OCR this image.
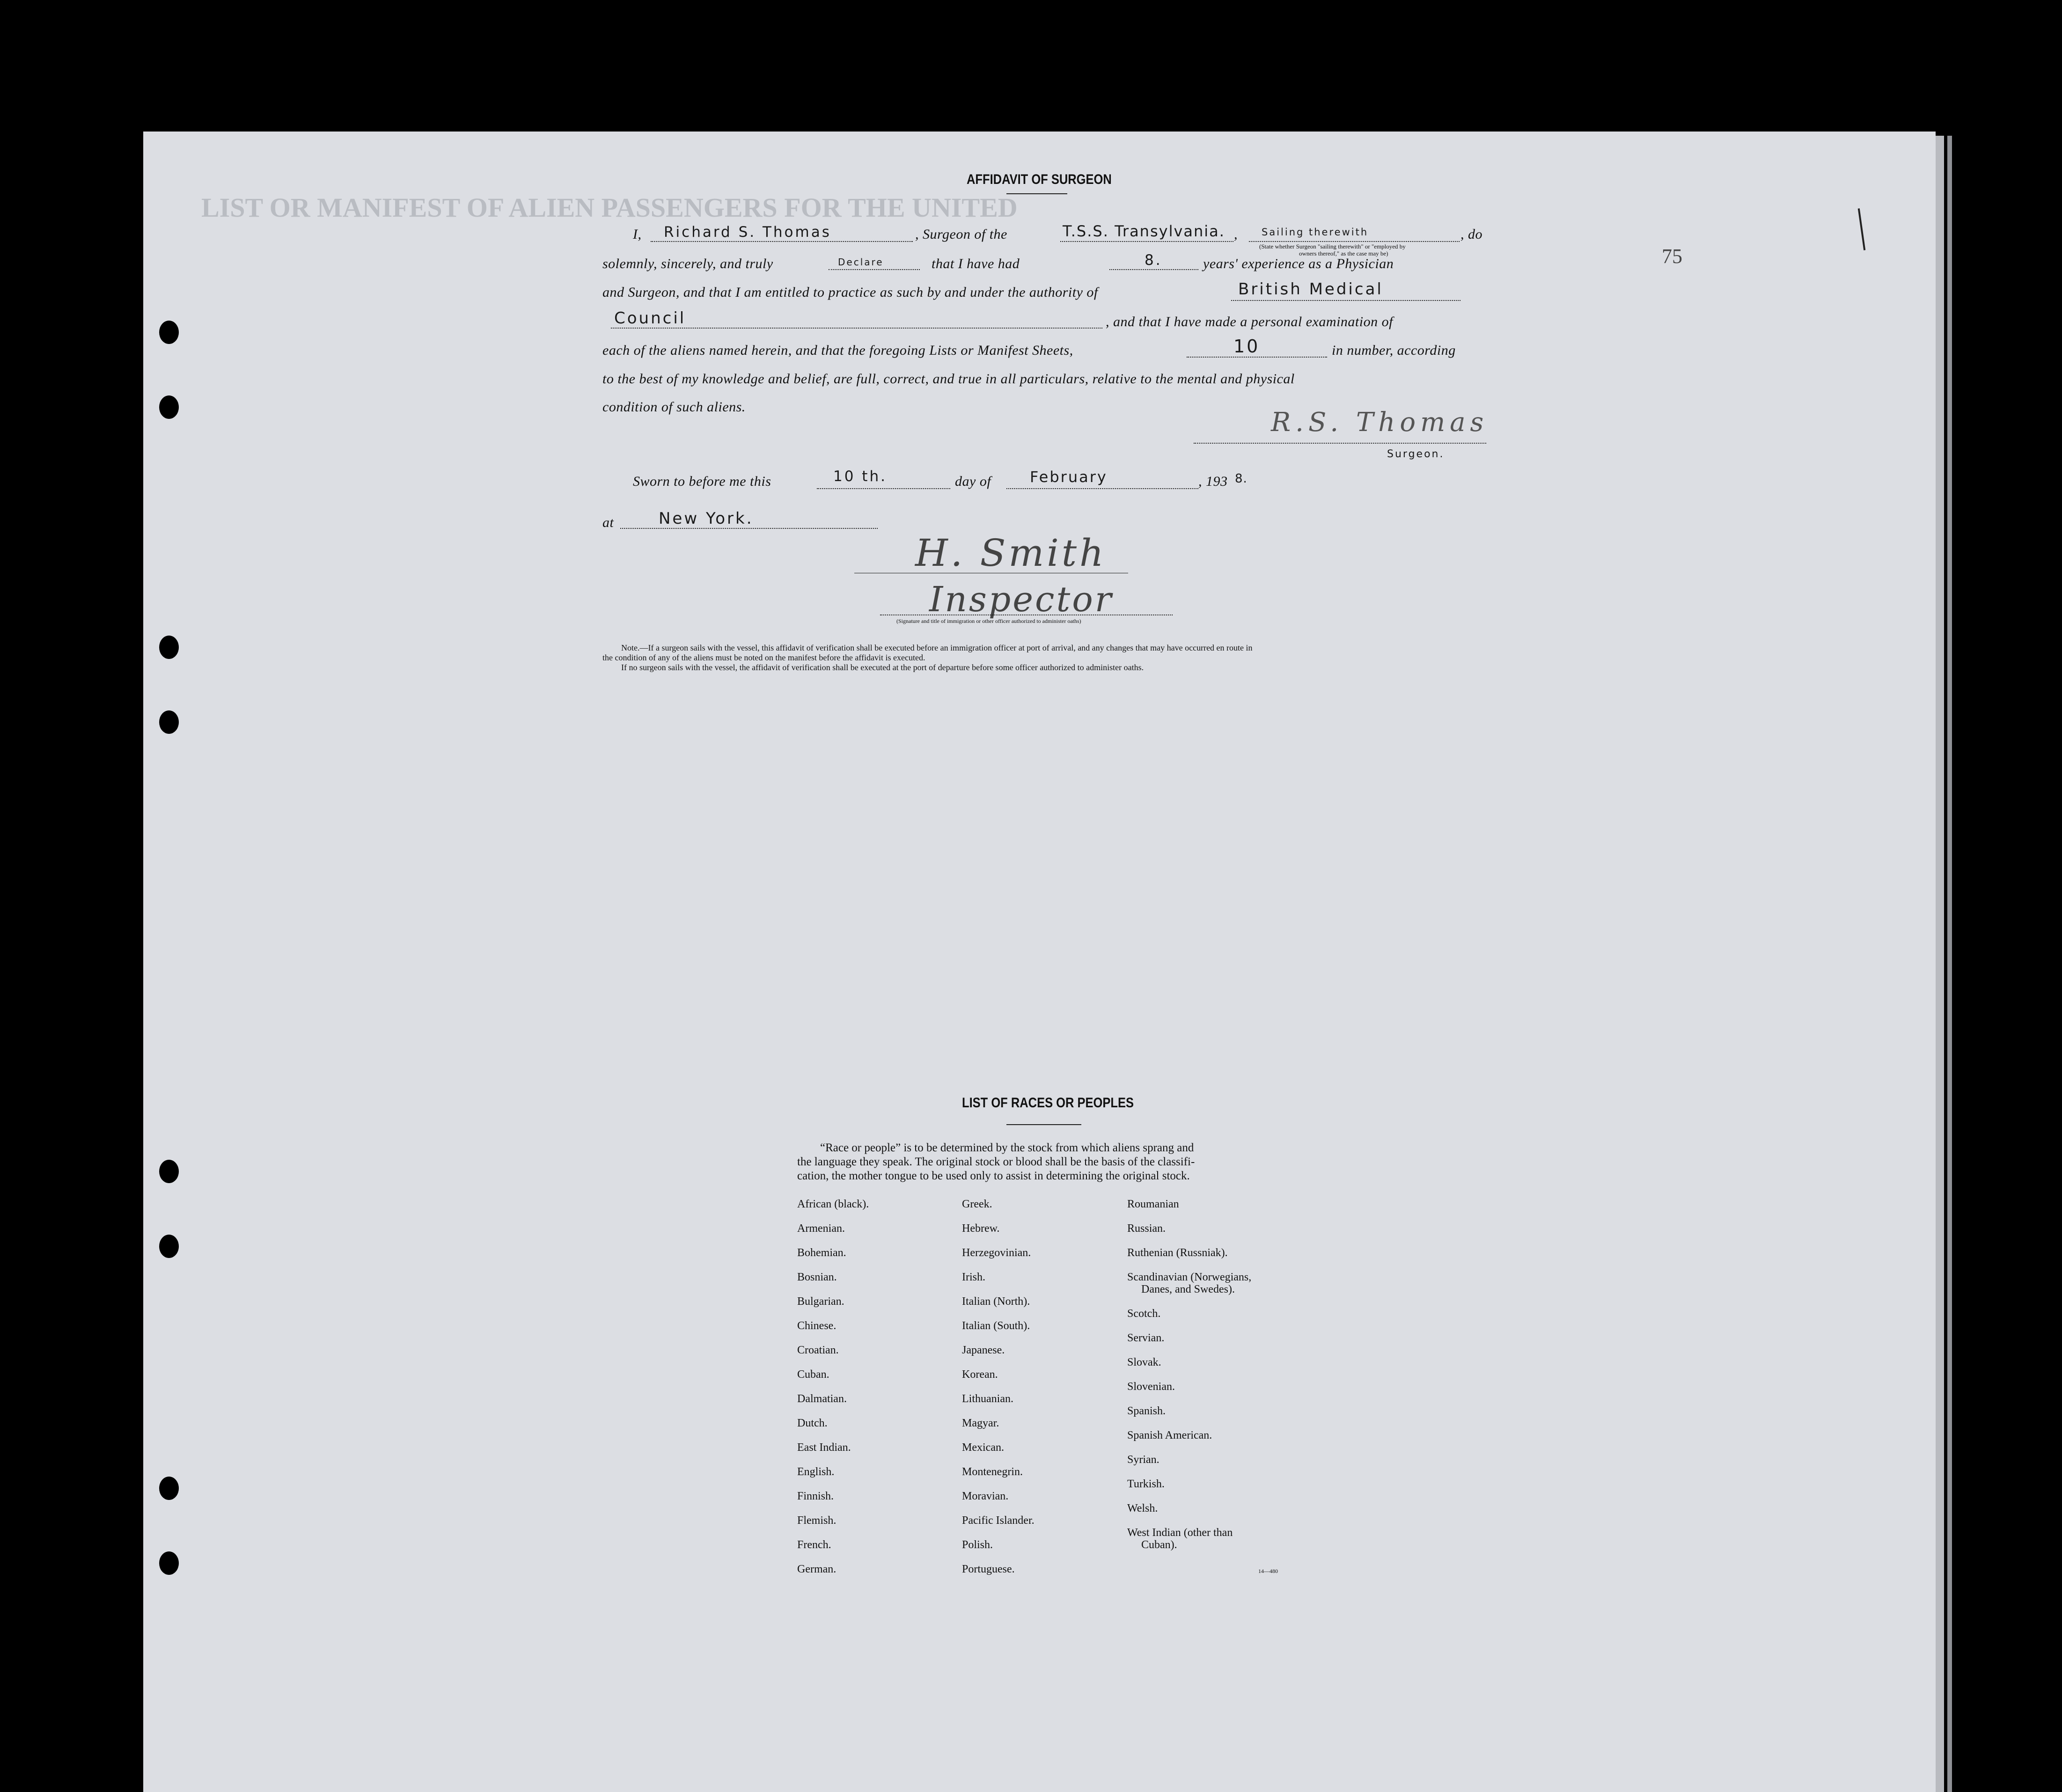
LIST OR MANIFEST OF ALIEN PASSENGERS FOR THE UNITED
75
AFFIDAVIT OF SURGEON
I, Richard S. Thomas	, Surgeon of the	T.S.S. Transylvania. , Sailing therewith	, do
(State whether Surgeon "sailing therewith" or "employed by
owners thereof," as the case may be)
solemnly, sincerely, and truly	Declare	that I have had	8.	years' experience as a Physician
and Surgeon, and that I am entitled to practice as such by and under the authority of	British Medical
Council	, and that I have made a personal examination of
each of the aliens named herein, and that the foregoing Lists or Manifest Sheets,	10	in number, according
to the best of my knowledge and belief, are full, correct, and true in all particulars, relative to the mental and physical
condition of such aliens.
R.S. Thomas
Surgeon.
Sworn to before me this	10 th.	day of	February	, 193 8.
at	New York.
H. Smith
Inspector
(Signature and title of immigration or other officer authorized to administer oaths)
Note.—If a surgeon sails with the vessel, this affidavit of verification shall be executed before an immigration officer at port of arrival, and any changes that may have occurred en route in
the condition of any of the aliens must be noted on the manifest before the affidavit is executed.
If no surgeon sails with the vessel, the affidavit of verification shall be executed at the port of departure before some officer authorized to administer oaths.
LIST OF RACES OR PEOPLES
“Race or people” is to be determined by the stock from which aliens sprang and
the language they speak. The original stock or blood shall be the basis of the classifi-
cation, the mother tongue to be used only to assist in determining the original stock.
African (black).
Armenian.
Bohemian.
Bosnian.
Bulgarian.
Chinese.
Croatian.
Cuban.
Dalmatian.
Dutch.
East Indian.
English.
Finnish.
Flemish.
French.
German.
Greek.
Hebrew.
Herzegovinian.
Irish.
Italian (North).
Italian (South).
Japanese.
Korean.
Lithuanian.
Magyar.
Mexican.
Montenegrin.
Moravian.
Pacific Islander.
Polish.
Portuguese.
Roumanian
Russian.
Ruthenian (Russniak).
Scandinavian (Norwegians,
Danes, and Swedes).
Scotch.
Servian.
Slovak.
Slovenian.
Spanish.
Spanish American.
Syrian.
Turkish.
Welsh.
West Indian (other than
Cuban).
14—480
